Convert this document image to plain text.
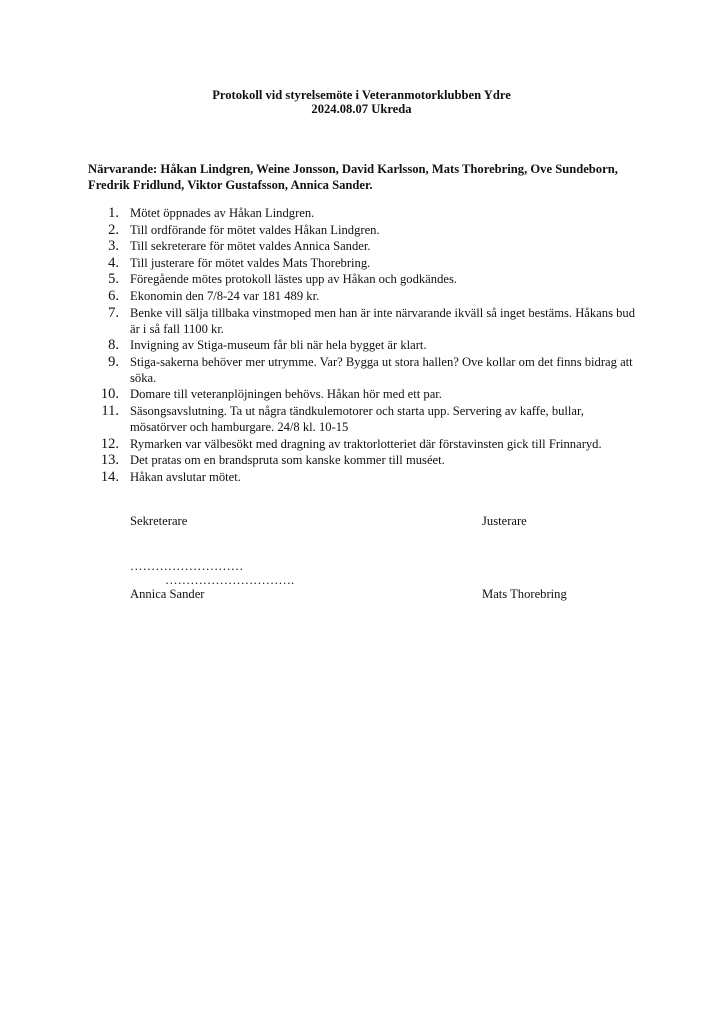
Protokoll vid styrelsemöte i Veteranmotorklubben Ydre
2024.08.07 Ukreda
Närvarande: Håkan Lindgren, Weine Jonsson, David Karlsson, Mats Thorebring, Ove Sundeborn, Fredrik Fridlund, Viktor Gustafsson, Annica Sander.
1. Mötet öppnades av Håkan Lindgren.
2. Till ordförande för mötet valdes Håkan Lindgren.
3. Till sekreterare för mötet valdes Annica Sander.
4. Till justerare för mötet valdes Mats Thorebring.
5. Föregående mötes protokoll lästes upp av Håkan och godkändes.
6. Ekonomin den 7/8-24 var 181 489 kr.
7. Benke vill sälja tillbaka vinstmoped men han är inte närvarande ikväll så inget bestäms. Håkans bud är i så fall 1100 kr.
8. Invigning av Stiga-museum får bli när hela bygget är klart.
9. Stiga-sakerna behöver mer utrymme. Var? Bygga ut stora hallen? Ove kollar om det finns bidrag att söka.
10. Domare till veteranplöjningen behövs. Håkan hör med ett par.
11. Säsongsavslutning. Ta ut några tändkulemotorer och starta upp. Servering av kaffe, bullar, mösatörver och hamburgare. 24/8 kl. 10-15
12. Rymarken var välbesökt med dragning av traktorlotteriet där förstavinsten gick till Frinnaryd.
13. Det pratas om en brandspruta som kanske kommer till muséet.
14. Håkan avslutar mötet.
Sekreterare	Justerare
………………………
………………………….
Annica Sander	Mats Thorebring
